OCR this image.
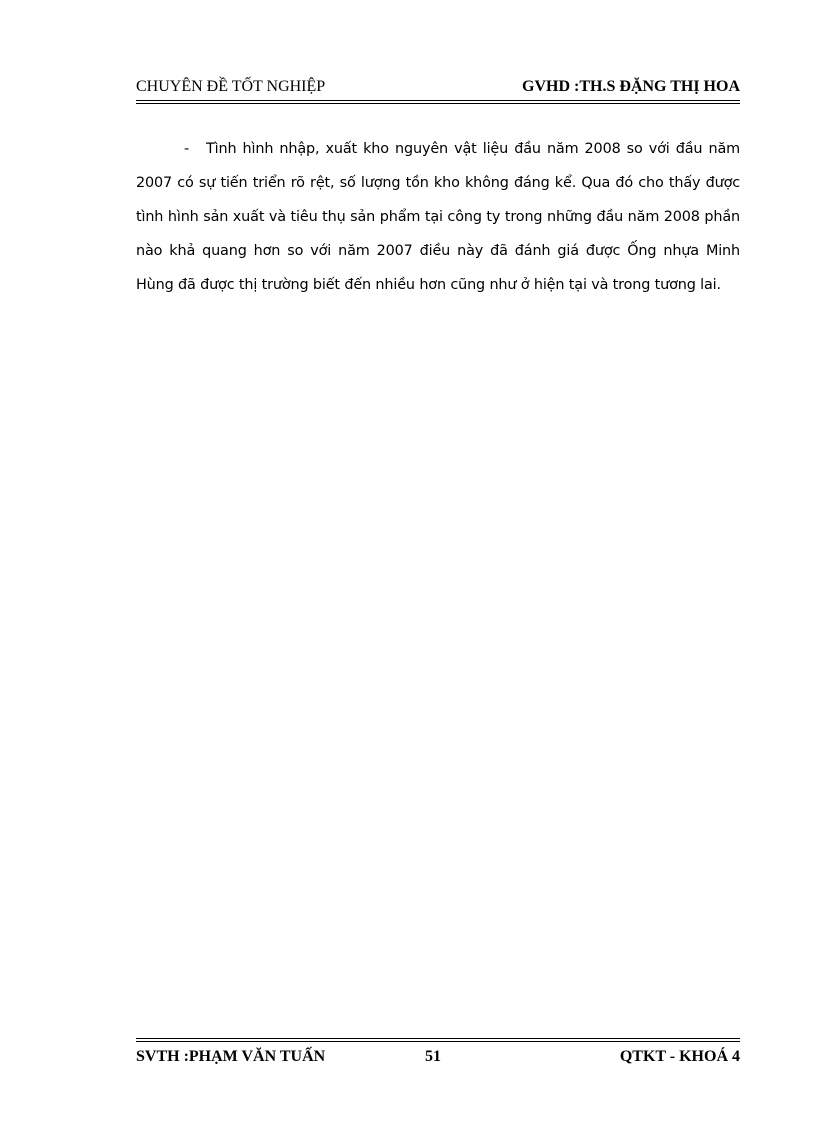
CHUYÊN ĐỀ TỐT NGHIỆP	GVHD :TH.S ĐẶNG THỊ HOA
- Tình hình nhập, xuất kho nguyên vật liệu đầu năm 2008 so với đầu năm 2007 có sự tiến triển rõ rệt, số lượng tồn kho không đáng kể. Qua đó cho thấy được tình hình sản xuất và tiêu thụ sản phẩm tại công ty trong những đầu năm 2008 phần nào khả quang hơn so với năm 2007 điều này đã đánh giá được Ống nhựa Minh Hùng đã được thị trường biết đến nhiều hơn cũng như ở hiện tại và trong tương lai.
SVTH :PHẠM VĂN TUẤN	51	QTKT - KHOÁ 4
